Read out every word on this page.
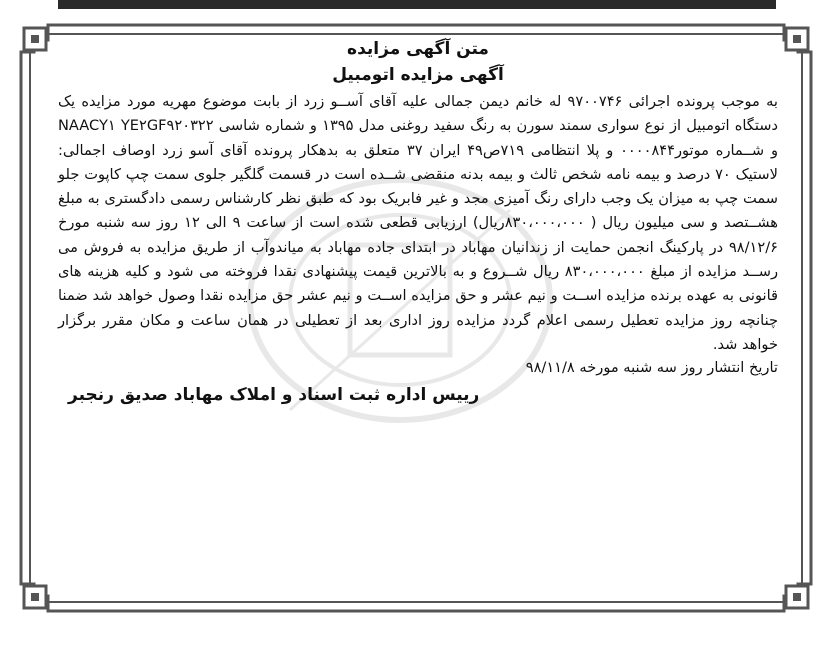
متن آگهی مزایده
آگهی مزایده اتومبیل
به موجب پرونده اجرائی ۹۷۰۰۷۴۶ له خانم دیمن جمالی علیه آقای آســو زرد از بابت موضوع مهریه مورد مزایده یک دستگاه اتومبیل از نوع سواری سمند سورن به رنگ سفید روغنی مدل ۱۳۹۵ و شماره شاسی NAACY۱ YE۲GF۹۲۰۳۲۲ و شــماره موتور۰۰۰۰۸۴۴ و پلا انتظامی ۷۱۹ص۴۹ ایران ۳۷ متعلق به بدهکار پرونده آقای آسو زرد اوصاف اجمالی: لاستیک ۷۰ درصد و بیمه نامه شخص ثالث و بیمه بدنه منقضی شــده است در قسمت گلگیر جلوی سمت چپ کاپوت جلو سمت چپ به میزان یک وجب دارای رنگ آمیزی مجد و غیر فابریک بود که طبق نظر کارشناس رسمی دادگستری به مبلغ هشــتصد و سی میلیون ریال ( ۸۳۰،۰۰۰،۰۰۰ریال) ارزیابی قطعی شده است از ساعت ۹ الی ۱۲ روز سه شنبه مورخ ۹۸/۱۲/۶ در پارکینگ انجمن حمایت از زندانیان مهاباد در ابتدای جاده مهاباد به میاندوآب از طریق مزایده به فروش می رســد مزایده از مبلغ ۸۳۰،۰۰۰،۰۰۰ ریال شــروع و به بالاترین قیمت پیشنهادی نقدا فروخته می شود و کلیه هزینه های قانونی به عهده برنده مزایده اســت و نیم عشر و حق مزایده اســت و نیم عشر حق مزایده نقدا وصول خواهد شد ضمنا چنانچه روز مزایده تعطیل رسمی اعلام گردد مزایده روز اداری بعد از تعطیلی در همان ساعت و مکان مقرر برگزار خواهد شد.
تاریخ انتشار روز سه شنبه مورخه ۹۸/۱۱/۸
رییس اداره ثبت اسناد و املاک مهاباد صدیق رنجبر
